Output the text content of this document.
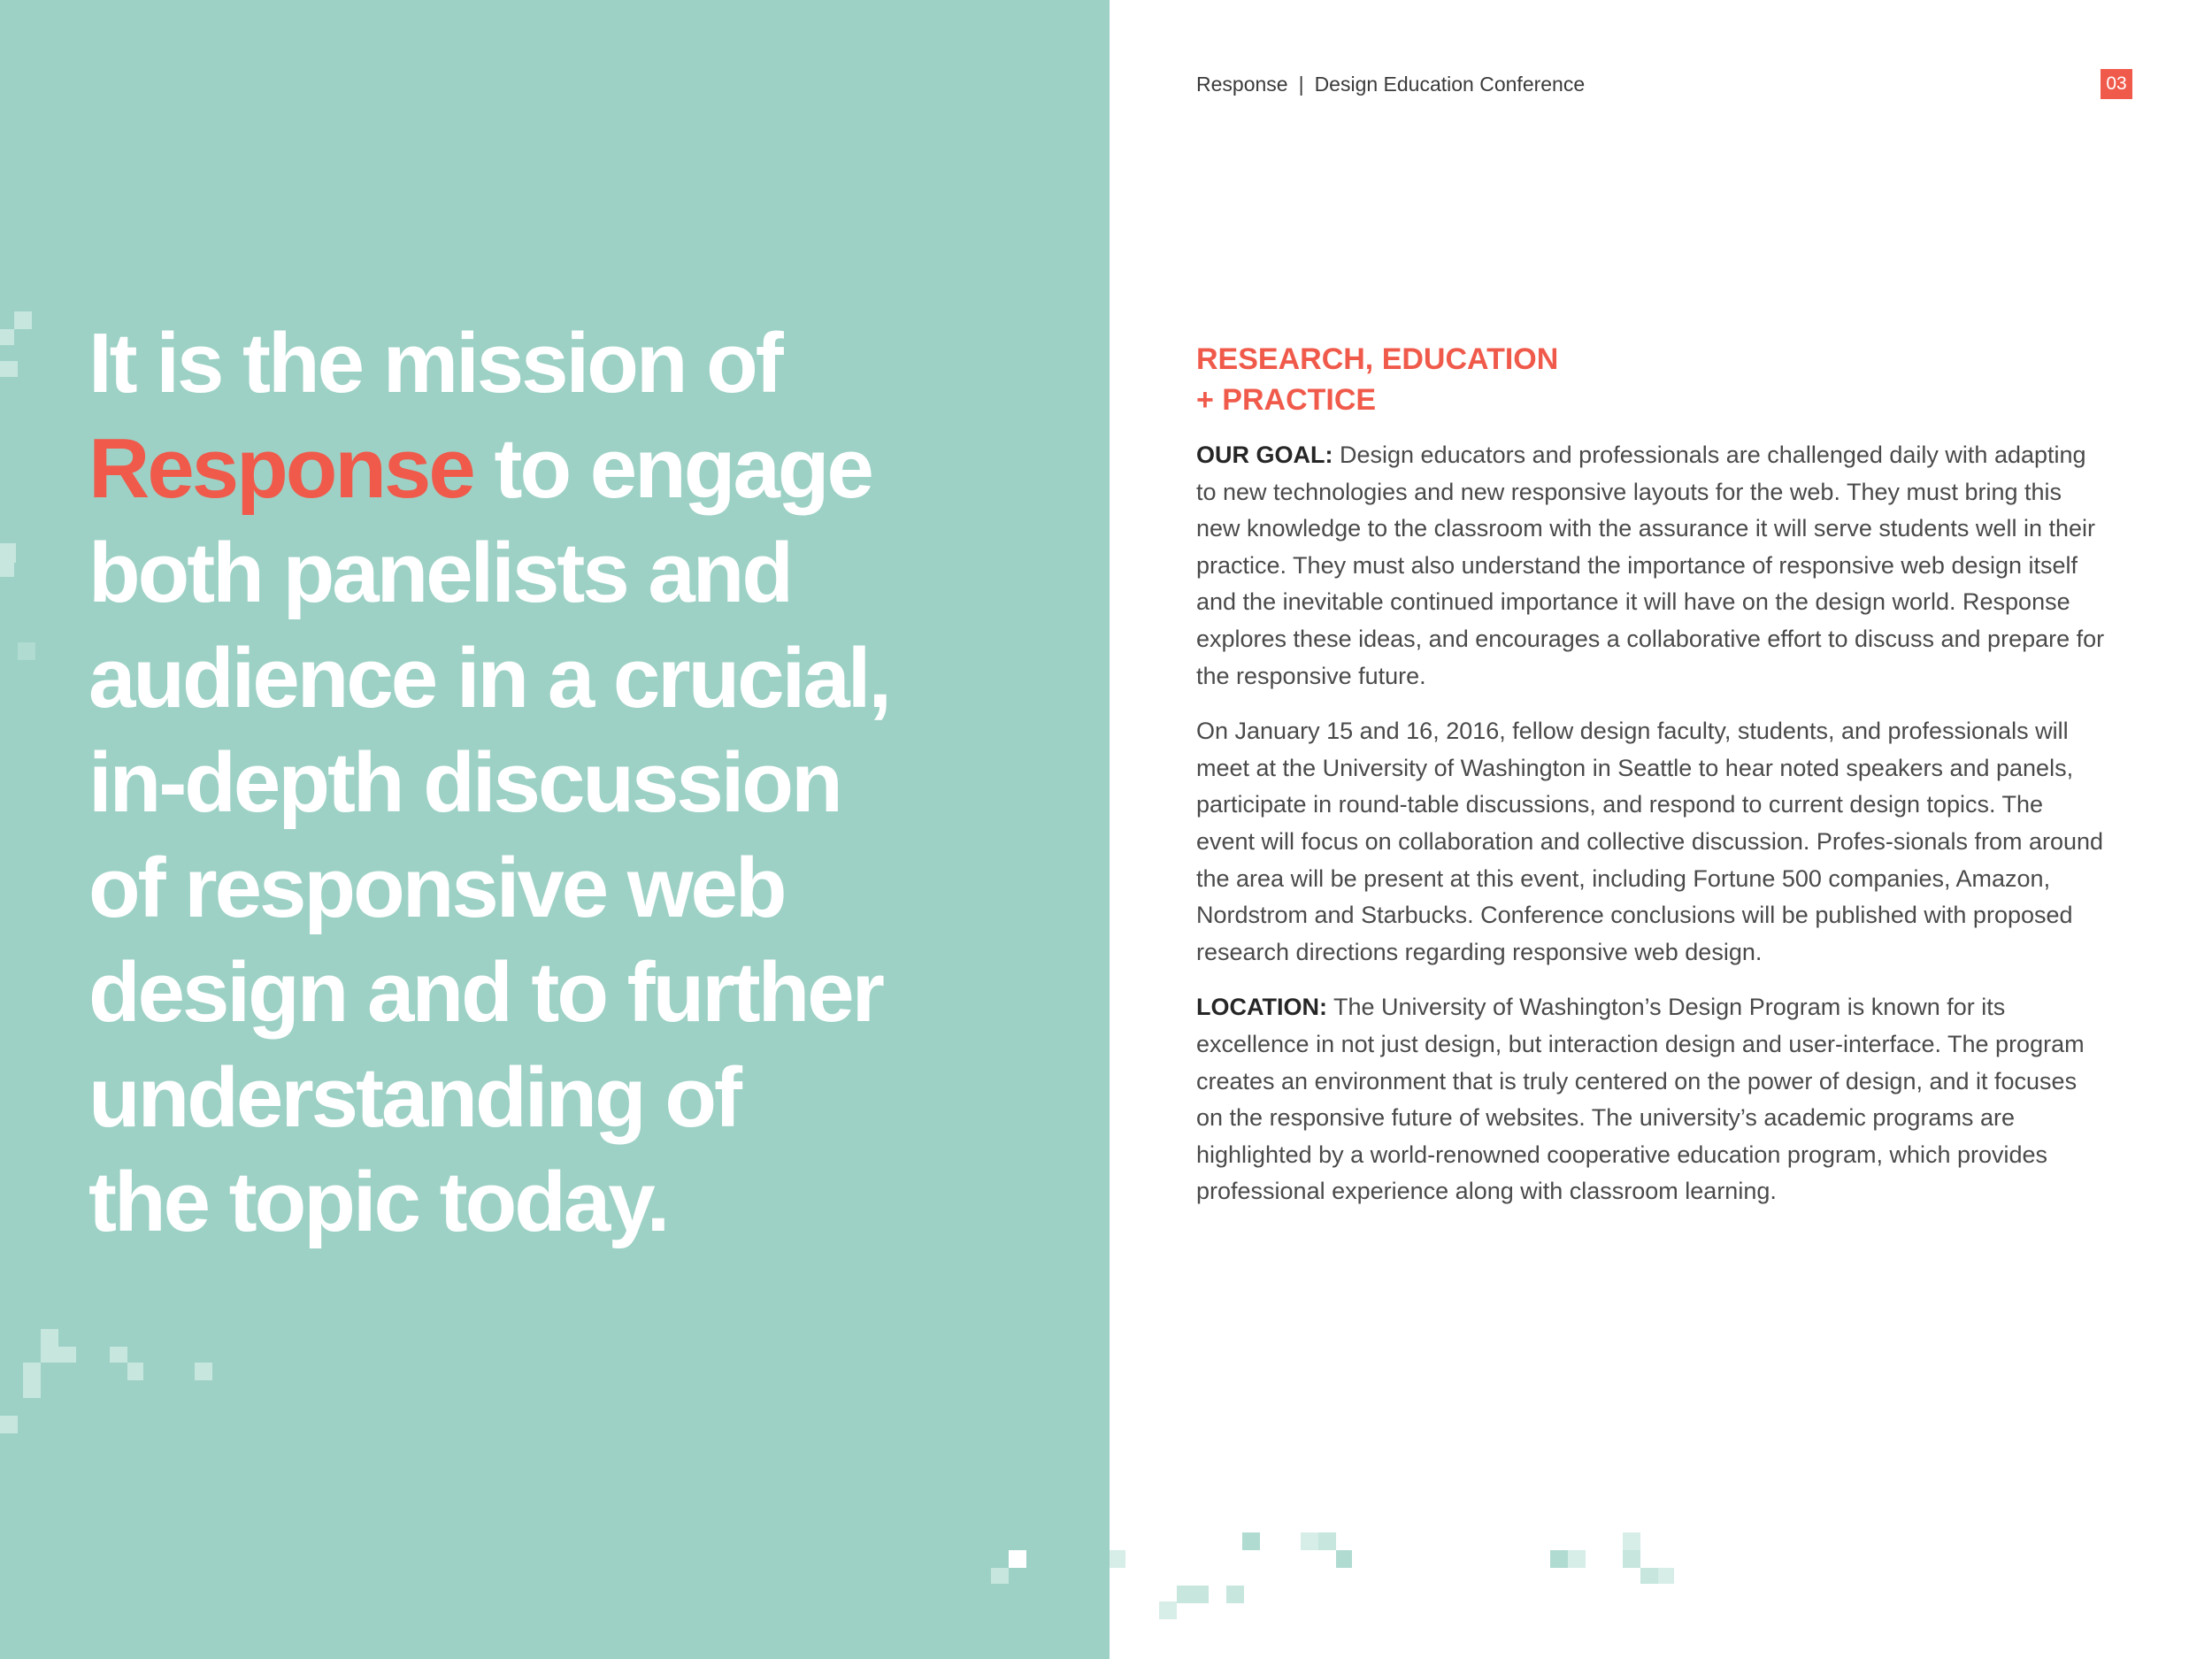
It is the mission of
Response to engage
both panelists and
audience in a crucial,
in-depth discussion
of responsive web
design and to further
understanding of
the topic today.
Response | Design Education Conference	03
RESEARCH, EDUCATION
+ PRACTICE

OUR GOAL: Design educators and professionals are challenged daily with adapting to new technologies and new responsive layouts for the web. They must bring this new knowledge to the classroom with the assurance it will serve students well in their practice. They must also understand the importance of responsive web design itself and the inevitable continued importance it will have on the design world. Response explores these ideas, and encourages a collaborative effort to discuss and prepare for the responsive future.

On January 15 and 16, 2016, fellow design faculty, students, and professionals will meet at the University of Washington in Seattle to hear noted speakers and panels, participate in round-table discussions, and respond to current design topics. The event will focus on collaboration and collective discussion. Profes-sionals from around the area will be present at this event, including Fortune 500 companies, Amazon, Nordstrom and Starbucks. Conference conclusions will be published with proposed research directions regarding responsive web design.

LOCATION: The University of Washington’s Design Program is known for its excellence in not just design, but interaction design and user-interface. The program creates an environment that is truly centered on the power of design, and it focuses on the responsive future of websites. The university’s academic programs are highlighted by a world-renowned cooperative education program, which provides professional experience along with classroom learning.
